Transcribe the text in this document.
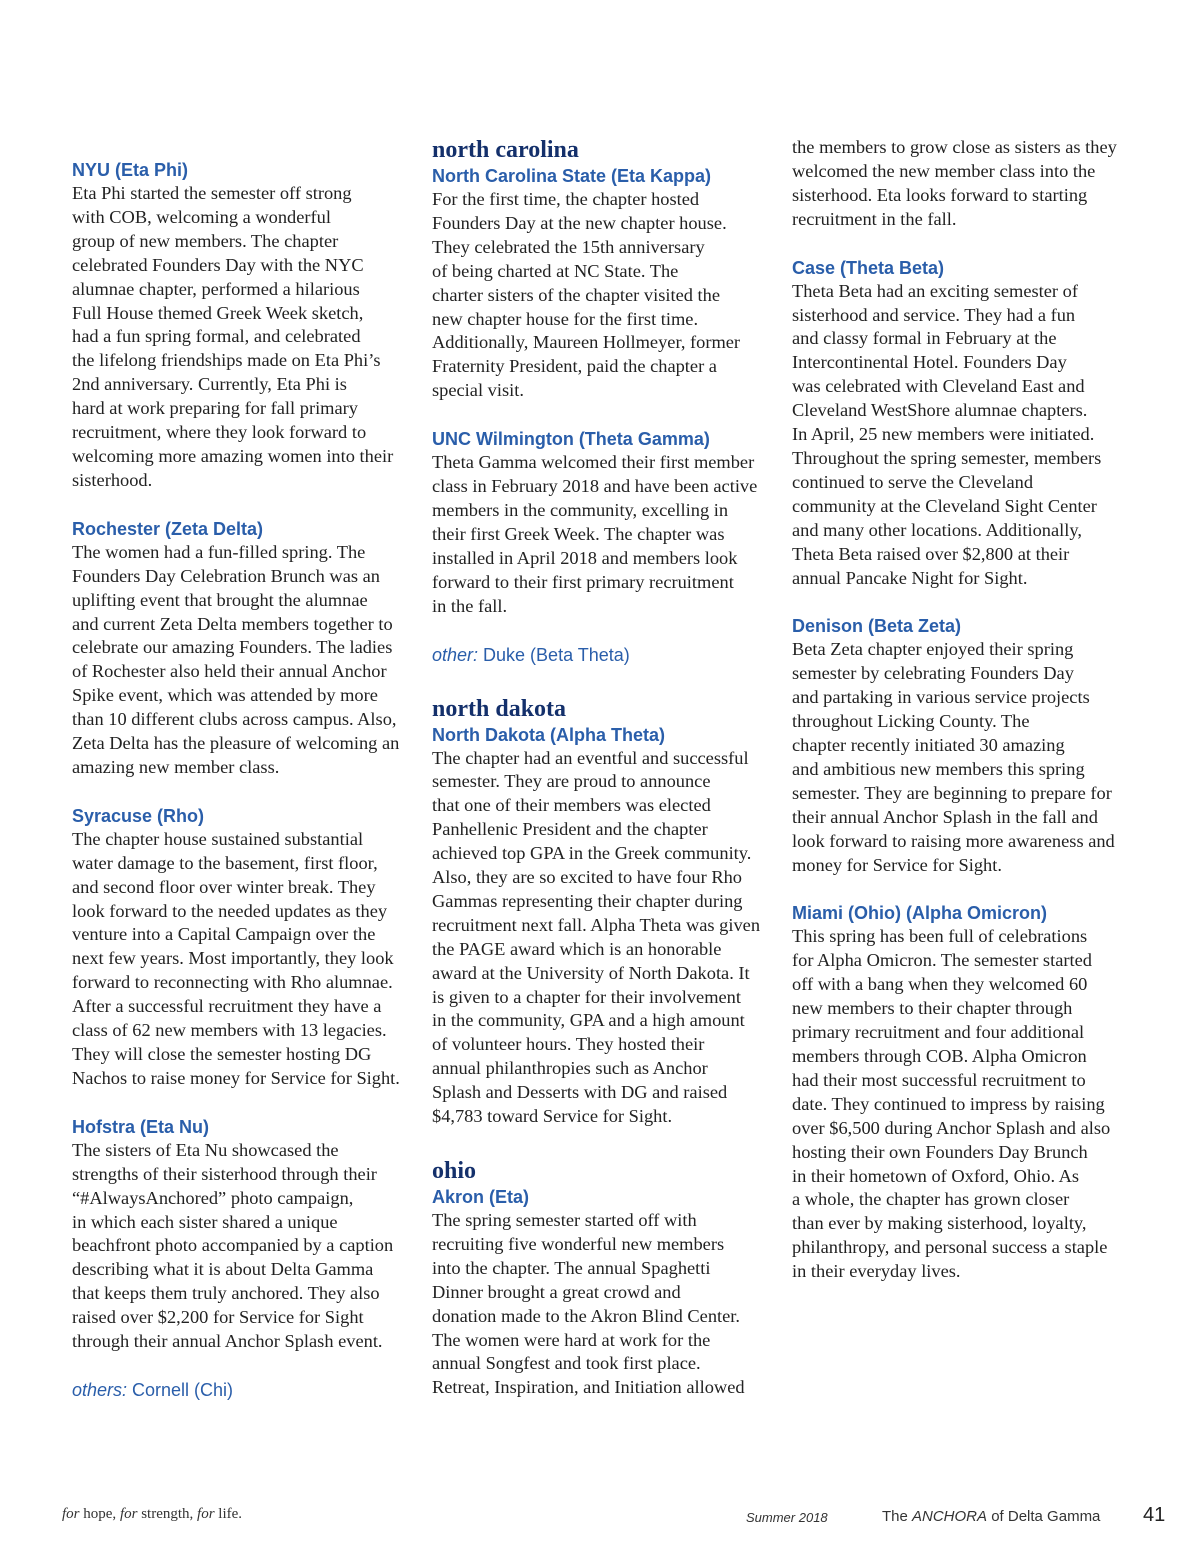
NYU (Eta Phi)

Eta Phi started the semester off strong
with COB, welcoming a wonderful
group of new members. The chapter
celebrated Founders Day with the NYC
alumnae chapter, performed a hilarious
Full House themed Greek Week sketch,
had a fun spring formal, and celebrated
the lifelong friendships made on Eta Phi’s
2nd anniversary. Currently, Eta Phi is
hard at work preparing for fall primary
recruitment, where they look forward to
welcoming more amazing women into their
sisterhood.

Rochester (Zeta Delta)

The women had a fun-filled spring. The
Founders Day Celebration Brunch was an
uplifting event that brought the alumnae
and current Zeta Delta members together to
celebrate our amazing Founders. The ladies
of Rochester also held their annual Anchor
Spike event, which was attended by more
than 10 different clubs across campus. Also,
Zeta Delta has the pleasure of welcoming an
amazing new member class.

Syracuse (Rho)

The chapter house sustained substantial
water damage to the basement, first floor,
and second floor over winter break. They
look forward to the needed updates as they
venture into a Capital Campaign over the
next few years. Most importantly, they look
forward to reconnecting with Rho alumnae.
After a successful recruitment they have a
class of 62 new members with 13 legacies.
They will close the semester hosting DG
Nachos to raise money for Service for Sight.

Hofstra (Eta Nu)

The sisters of Eta Nu showcased the
strengths of their sisterhood through their
“#AlwaysAnchored” photo campaign,
in which each sister shared a unique
beachfront photo accompanied by a caption
describing what it is about Delta Gamma
that keeps them truly anchored. They also
raised over $2,200 for Service for Sight
through their annual Anchor Splash event.

others: Cornell (Chi)

north carolina
North Carolina State (Eta Kappa)

For the first time, the chapter hosted
Founders Day at the new chapter house.
They celebrated the 15th anniversary
of being charted at NC State. The
charter sisters of the chapter visited the
new chapter house for the first time.
Additionally, Maureen Hollmeyer, former
Fraternity President, paid the chapter a
special visit.

UNC Wilmington (Theta Gamma)

Theta Gamma welcomed their first member
class in February 2018 and have been active
members in the community, excelling in
their first Greek Week. The chapter was
installed in April 2018 and members look
forward to their first primary recruitment
in the fall.

other: Duke (Beta Theta)

north dakota
North Dakota (Alpha Theta)

The chapter had an eventful and successful
semester. They are proud to announce
that one of their members was elected
Panhellenic President and the chapter
achieved top GPA in the Greek community.
Also, they are so excited to have four Rho
Gammas representing their chapter during
recruitment next fall. Alpha Theta was given
the PAGE award which is an honorable
award at the University of North Dakota. It
is given to a chapter for their involvement
in the community, GPA and a high amount
of volunteer hours. They hosted their
annual philanthropies such as Anchor
Splash and Desserts with DG and raised
$4,783 toward Service for Sight.

ohio
Akron (Eta)

The spring semester started off with
recruiting five wonderful new members
into the chapter. The annual Spaghetti
Dinner brought a great crowd and
donation made to the Akron Blind Center.
The women were hard at work for the
annual Songfest and took first place.
Retreat, Inspiration, and Initiation allowed

the members to grow close as sisters as they
welcomed the new member class into the
sisterhood. Eta looks forward to starting
recruitment in the fall.

Case (Theta Beta)

Theta Beta had an exciting semester of
sisterhood and service. They had a fun
and classy formal in February at the
Intercontinental Hotel. Founders Day
was celebrated with Cleveland East and
Cleveland WestShore alumnae chapters.
In April, 25 new members were initiated.
Throughout the spring semester, members
continued to serve the Cleveland
community at the Cleveland Sight Center
and many other locations. Additionally,
Theta Beta raised over $2,800 at their
annual Pancake Night for Sight.

Denison (Beta Zeta)

Beta Zeta chapter enjoyed their spring
semester by celebrating Founders Day
and partaking in various service projects
throughout Licking County. The
chapter recently initiated 30 amazing
and ambitious new members this spring
semester. They are beginning to prepare for
their annual Anchor Splash in the fall and
look forward to raising more awareness and
money for Service for Sight.

Miami (Ohio) (Alpha Omicron)

This spring has been full of celebrations
for Alpha Omicron. The semester started
off with a bang when they welcomed 60
new members to their chapter through
primary recruitment and four additional
members through COB. Alpha Omicron
had their most successful recruitment to
date. They continued to impress by raising
over $6,500 during Anchor Splash and also
hosting their own Founders Day Brunch
in their hometown of Oxford, Ohio. As
a whole, the chapter has grown closer
than ever by making sisterhood, loyalty,
philanthropy, and personal success a staple
in their everyday lives.

for hope, for strength, for life.	Summer 2018	The ANCHORA of Delta Gamma 41
